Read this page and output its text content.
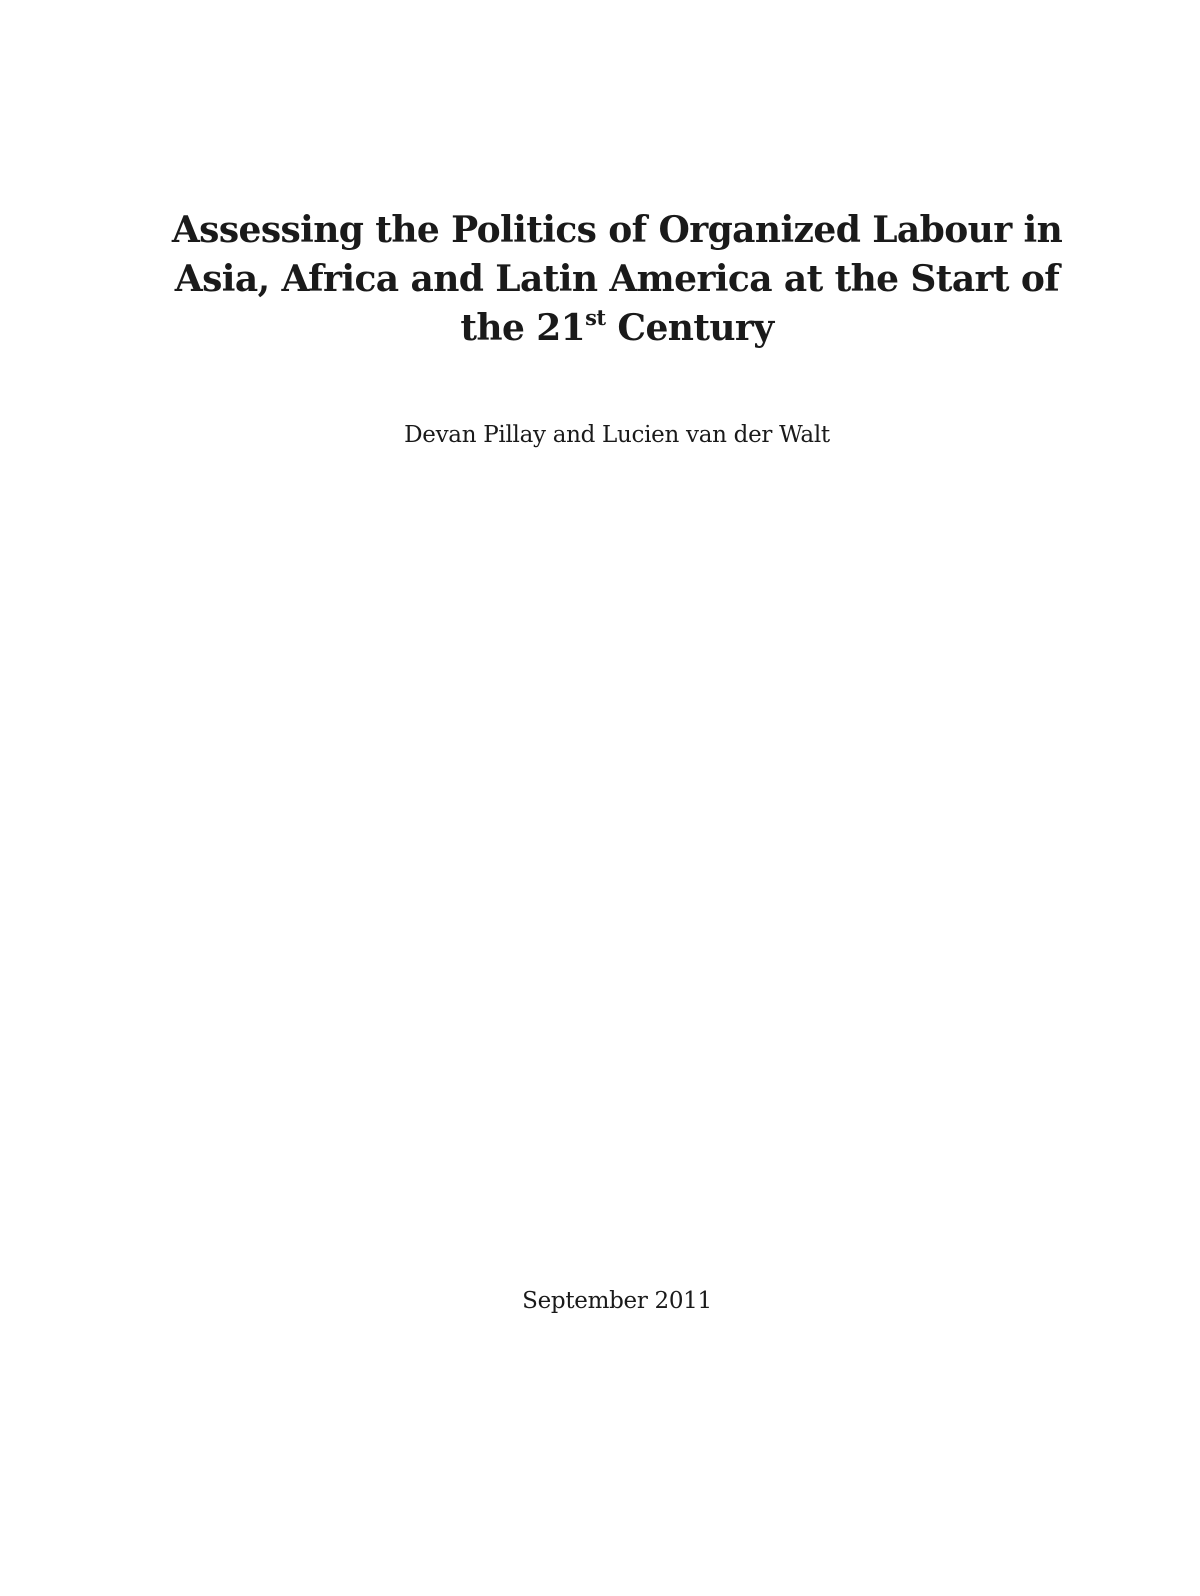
Assessing the Politics of Organized Labour in
Asia, Africa and Latin America at the Start of
the 21st Century

Devan Pillay and Lucien van der Walt

September 2011
